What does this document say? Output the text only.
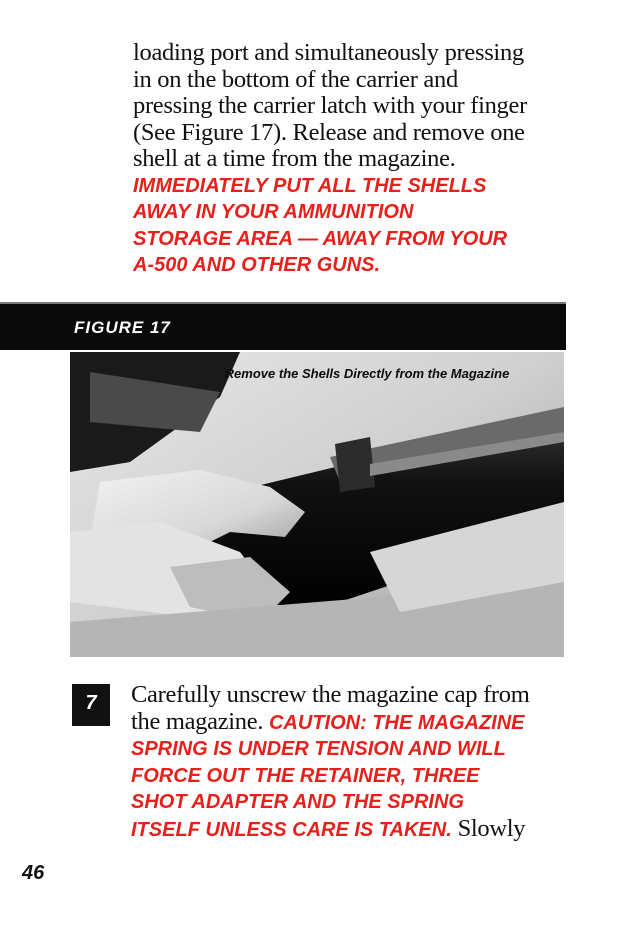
loading port and simultaneously pressing
in on the bottom of the carrier and
pressing the carrier latch with your finger
(See Figure 17). Release and remove one
shell at a time from the magazine.
IMMEDIATELY PUT ALL THE SHELLS
AWAY IN YOUR AMMUNITION
STORAGE AREA — AWAY FROM YOUR
A-500 AND OTHER GUNS.
FIGURE 17
Remove the Shells Directly from the Magazine
7	Carefully unscrew the magazine cap from
the magazine. CAUTION: THE MAGAZINE
SPRING IS UNDER TENSION AND WILL
FORCE OUT THE RETAINER, THREE
SHOT ADAPTER AND THE SPRING
ITSELF UNLESS CARE IS TAKEN. Slowly
46
